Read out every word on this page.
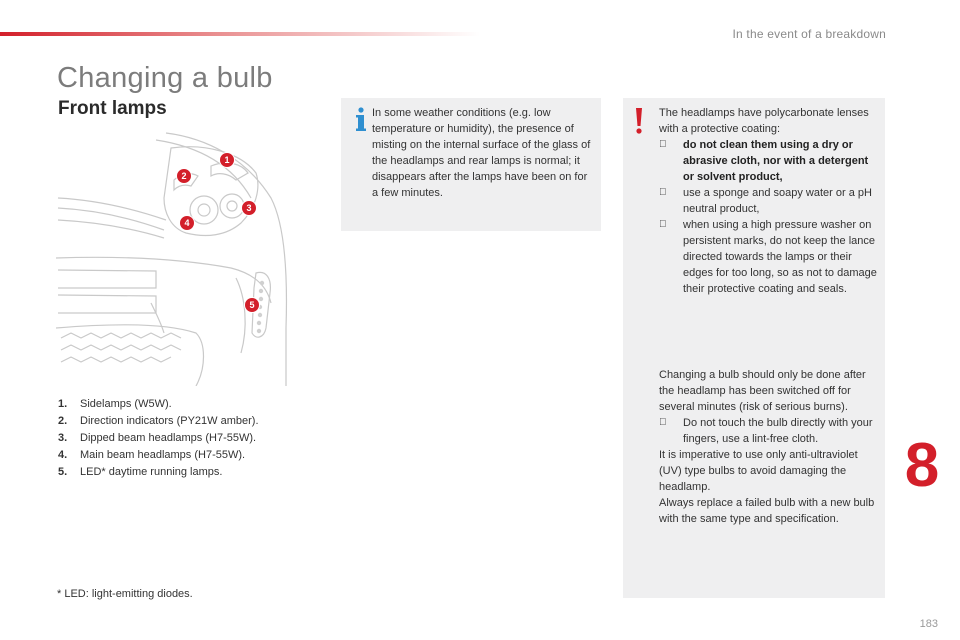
In the event of a breakdown
Changing a bulb
Front lamps
1
2
3
4
5
1.	Sidelamps (W5W).
2.	Direction indicators (PY21W amber).
3.	Dipped beam headlamps (H7-55W).
4.	Main beam headlamps (H7-55W).
5.	LED* daytime running lamps.
* LED: light-emitting diodes.
In some weather conditions (e.g. low temperature or humidity), the presence of misting on the internal surface of the glass of the headlamps and rear lamps is normal; it disappears after the lamps have been on for a few minutes.
The headlamps have polycarbonate lenses with a protective coating:
do not clean them using a dry or abrasive cloth, nor with a detergent or solvent product,
use a sponge and soapy water or a pH neutral product,
when using a high pressure washer on persistent marks, do not keep the lance directed towards the lamps or their edges for too long, so as not to damage their protective coating and seals.
Changing a bulb should only be done after the headlamp has been switched off for several minutes (risk of serious burns).
Do not touch the bulb directly with your fingers, use a lint-free cloth.
It is imperative to use only anti-ultraviolet (UV) type bulbs to avoid damaging the headlamp.
Always replace a failed bulb with a new bulb with the same type and specification.
8
183
